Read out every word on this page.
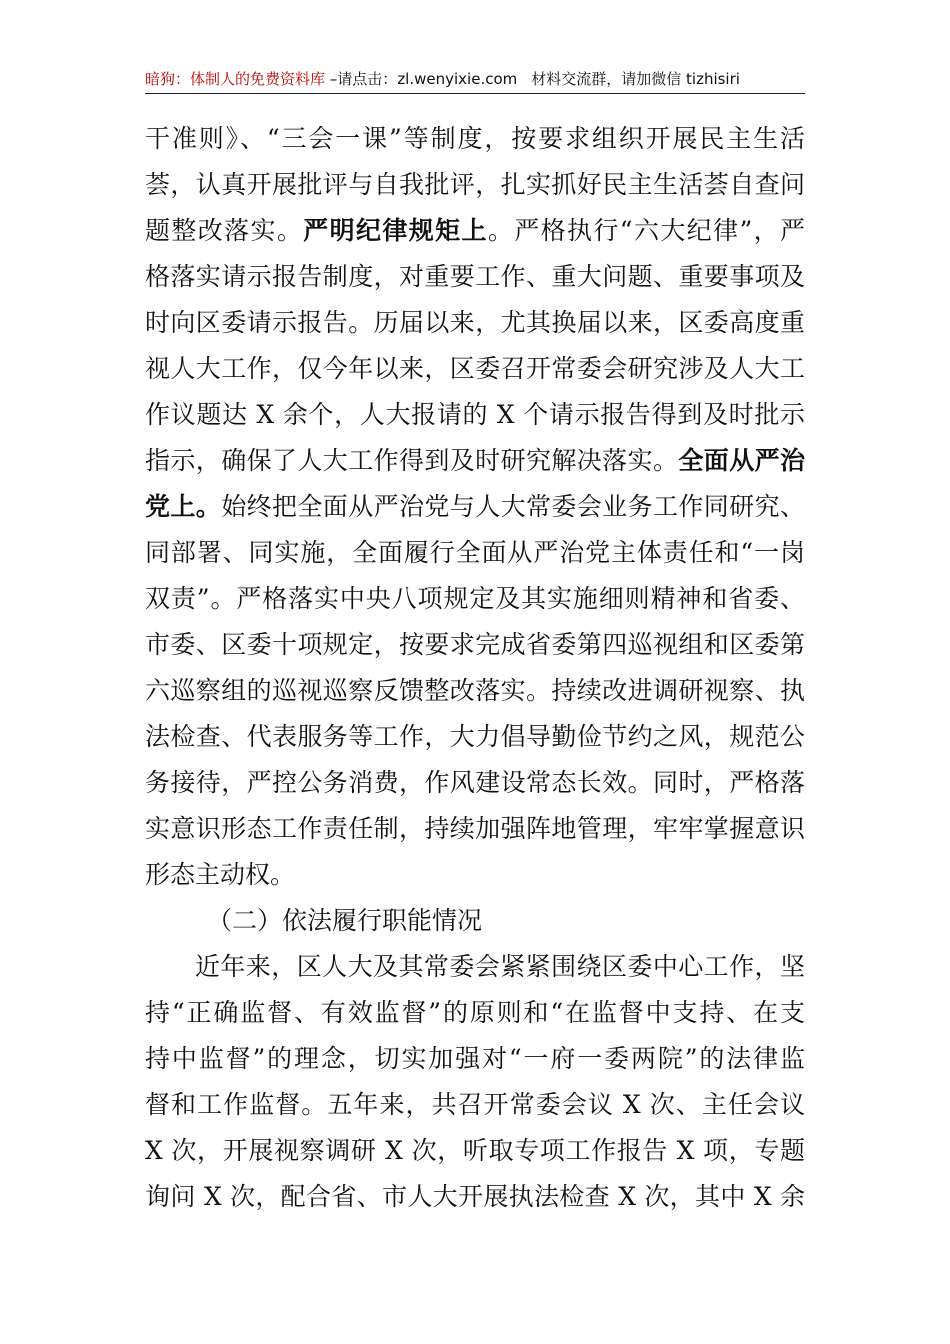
暗狗：体制人的免费资料库 –请点击：zl.wenyixie.com 材料交流群，请加微信 tizhisiri
干准则》、“三会一课”等制度，按要求组织开展民主生活
荟，认真开展批评与自我批评，扎实抓好民主生活荟自查问
题整改落实。严明纪律规矩上。严格执行“六大纪律”，严
格落实请示报告制度，对重要工作、重大问题、重要事项及
时向区委请示报告。历届以来，尤其换届以来，区委高度重
视人大工作，仅今年以来，区委召开常委会研究涉及人大工
作议题达 X 余个，人大报请的 X 个请示报告得到及时批示
指示，确保了人大工作得到及时研究解决落实。全面从严治
党上。始终把全面从严治党与人大常委会业务工作同研究、
同部署、同实施，全面履行全面从严治党主体责任和“一岗
双责”。严格落实中央八项规定及其实施细则精神和省委、
市委、区委十项规定，按要求完成省委第四巡视组和区委第
六巡察组的巡视巡察反馈整改落实。持续改进调研视察、执
法检查、代表服务等工作，大力倡导勤俭节约之风，规范公
务接待，严控公务消费，作风建设常态长效。同时，严格落
实意识形态工作责任制，持续加强阵地管理，牢牢掌握意识
形态主动权。
（二）依法履行职能情况
近年来，区人大及其常委会紧紧围绕区委中心工作，坚
持“正确监督、有效监督”的原则和“在监督中支持、在支
持中监督”的理念，切实加强对“一府一委两院”的法律监
督和工作监督。五年来，共召开常委会议 X 次、主任会议
X 次，开展视察调研 X 次，听取专项工作报告 X 项，专题
询问 X 次，配合省、市人大开展执法检查 X 次，其中 X 余
